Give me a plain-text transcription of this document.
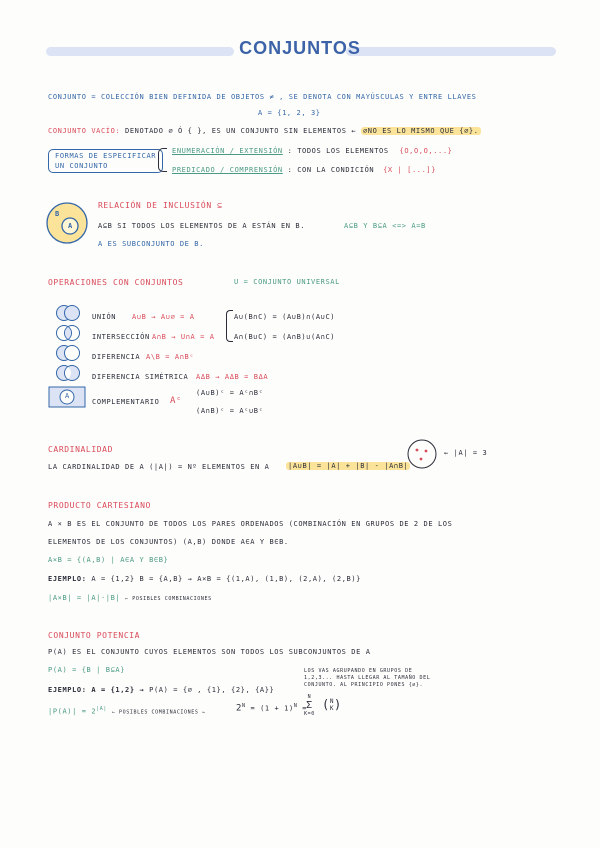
CONJUNTOS
CONJUNTO = COLECCIÓN BIEN DEFINIDA DE OBJETOS ≠ , SE DENOTA CON MAYÚSCULAS Y ENTRE LLAVES
A = {1, 2, 3}
CONJUNTO VACÍO: DENOTADO ∅ Ó { }, ES UN CONJUNTO SIN ELEMENTOS ← ∅NO ES LO MISMO QUE {∅}.
FORMAS DE ESPECIFICAR
UN CONJUNTO
ENUMERACIÓN / EXTENSIÓN : TODOS LOS ELEMENTOS {O,O,O,...}
PREDICADO / COMPRENSIÓN : CON LA CONDICIÓN {X | [...]}
B
A
RELACIÓN DE INCLUSIÓN ⊆
A⊆B SI TODOS LOS ELEMENTOS DE A ESTÁN EN B.	A⊆B Y B⊆A <=> A=B
A ES SUBCONJUNTO DE B.
OPERACIONES CON CONJUNTOS	U = CONJUNTO UNIVERSAL
A
UNIÓN A∪B → A∪∅ = A
INTERSECCIÓN A∩B → U∩A = A
A∪(B∩C) = (A∪B)∩(A∪C)
A∩(B∪C) = (A∩B)∪(A∩C)
DIFERENCIA A\B = A∩Bᶜ
DIFERENCIA SIMÉTRICA AΔB → AΔB = BΔA
COMPLEMENTARIO Aᶜ
(A∪B)ᶜ = Aᶜ∩Bᶜ
(A∩B)ᶜ = Aᶜ∪Bᶜ
CARDINALIDAD
LA CARDINALIDAD DE A (|A|) = Nº ELEMENTOS EN A	|A∪B| = |A| + |B| - |A∩B|
← |A| = 3
PRODUCTO CARTESIANO
A × B ES EL CONJUNTO DE TODOS LOS PARES ORDENADOS (COMBINACIÓN EN GRUPOS DE 2 DE LOS
ELEMENTOS DE LOS CONJUNTOS) (A,B) DONDE A∈A Y B∈B.
A×B = {(A,B) | A∈A Y B∈B}
EJEMPLO: A = {1,2} B = {A,B} → A×B = {(1,A), (1,B), (2,A), (2,B)}
|A×B| = |A|·|B| ← POSIBLES COMBINACIONES
CONJUNTO POTENCIA
P(A) ES EL CONJUNTO CUYOS ELEMENTOS SON TODOS LOS SUBCONJUNTOS DE A
P(A) = {B | B⊆A}	LOS VAS AGRUPANDO EN GRUPOS DE
1,2,3... HASTA LLEGAR AL TAMAÑO DEL
CONJUNTO. AL PRINCIPIO PONES {∅}.
EJEMPLO: A = {1,2} → P(A) = {∅ , {1}, {2}, {A}}
$|P(A)| = 2^{|A|}$ ← POSIBLES COMBINACIONES ←	$2^N = (1 + 1)^N$ =
N
Σ
K=0
( N
K )
